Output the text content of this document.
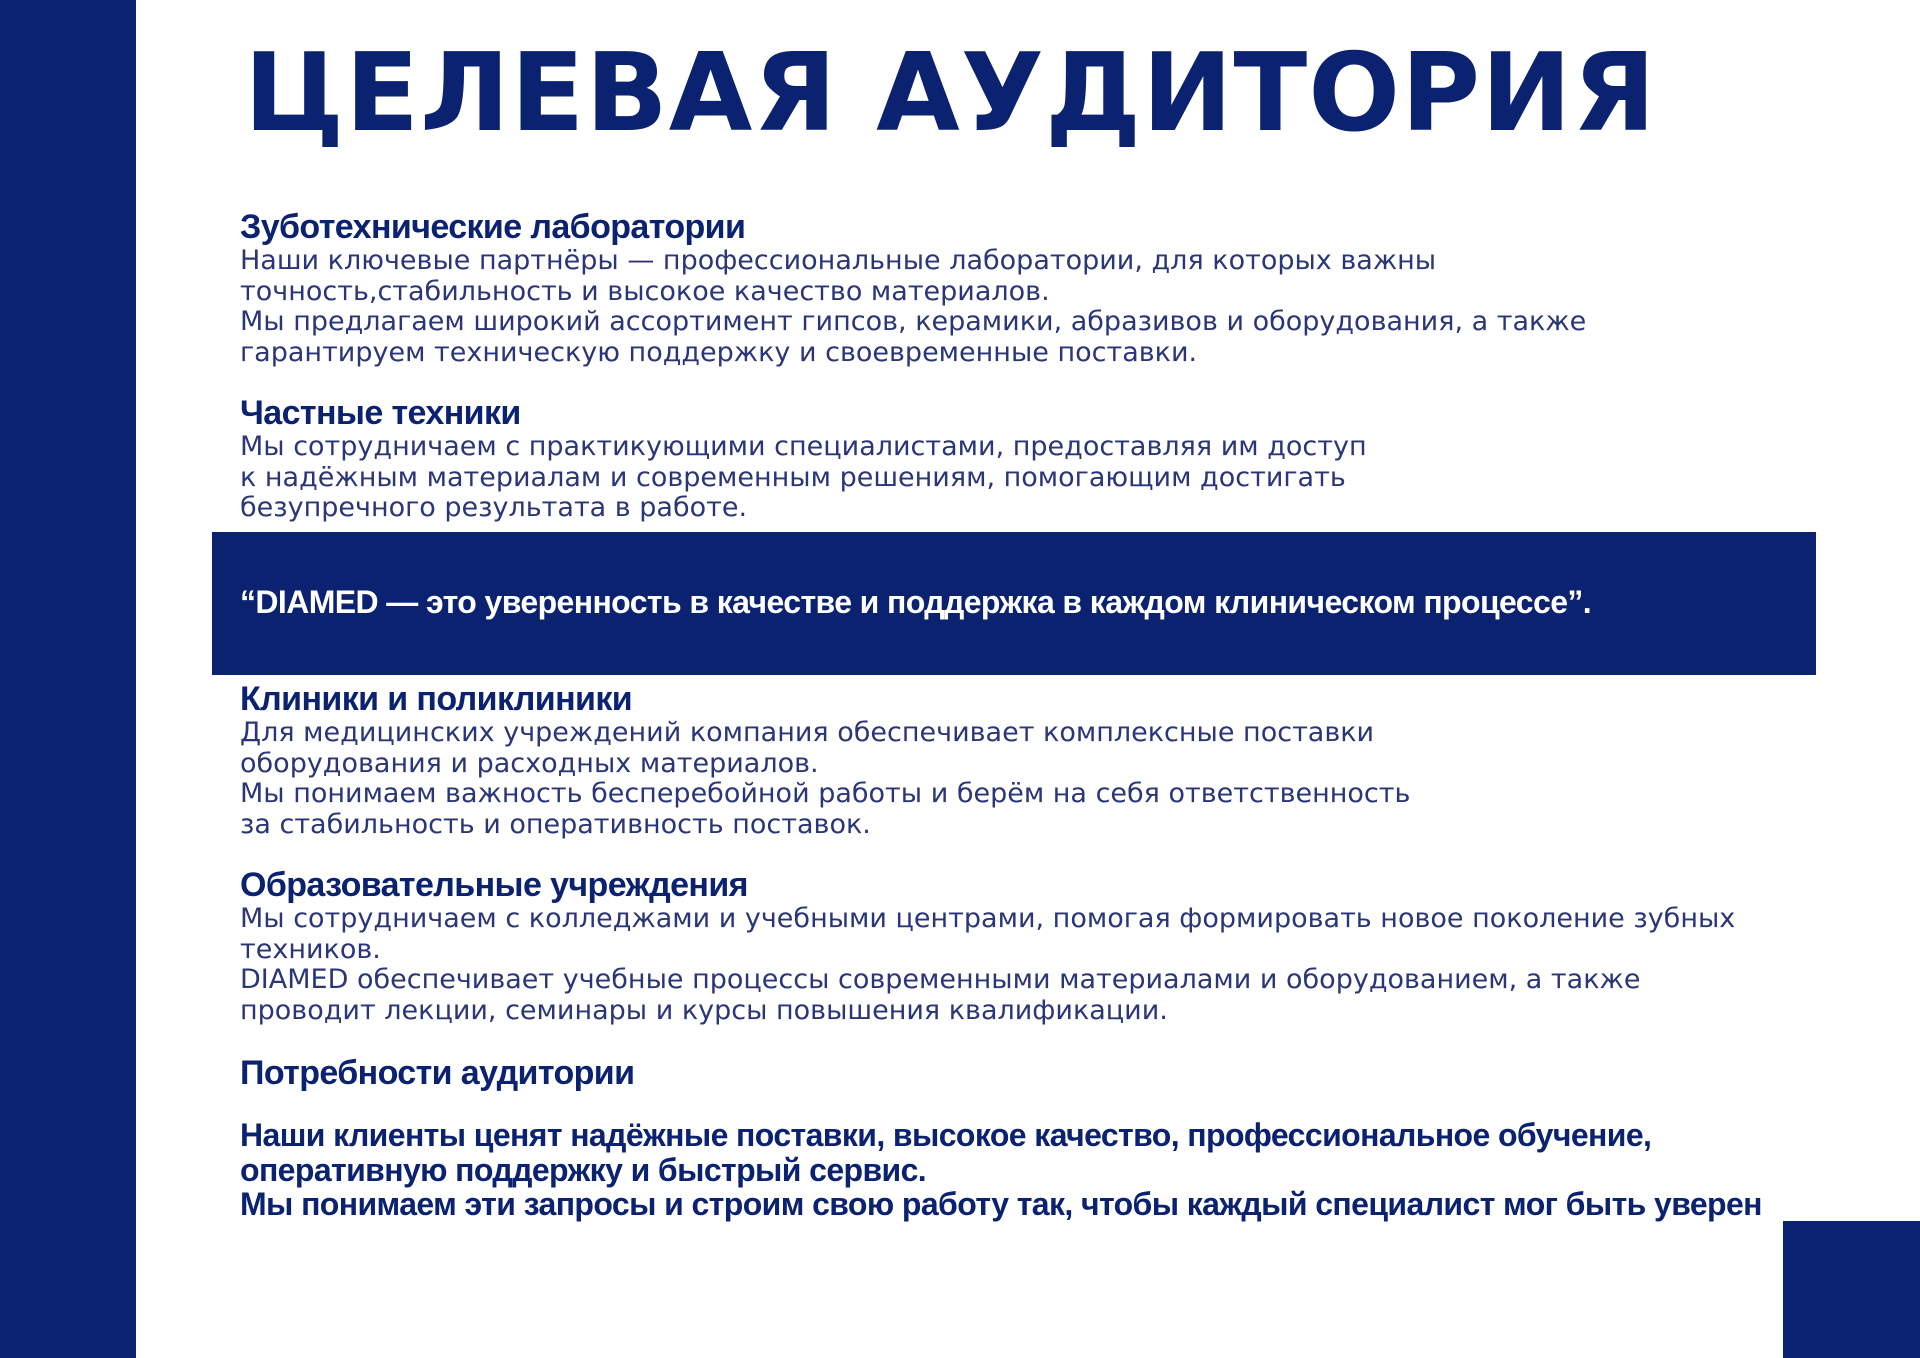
ЦЕЛЕВАЯ АУДИТОРИЯ
Зуботехнические лаборатории

Наши ключевые партнёры — профессиональные лаборатории, для которых важны
точность,стабильность и высокое качество материалов.
Мы предлагаем широкий ассортимент гипсов, керамики, абразивов и оборудования, а также
гарантируем техническую поддержку и своевременные поставки.

Частные техники

Мы сотрудничаем с практикующими специалистами, предоставляя им доступ
к надёжным материалам и современным решениям, помогающим достигать
безупречного результата в работе.

“DIAMED — это уверенность в качестве и поддержка в каждом клиническом процессе”.

Клиники и поликлиники

Для медицинских учреждений компания обеспечивает комплексные поставки
оборудования и расходных материалов.
Мы понимаем важность бесперебойной работы и берём на себя ответственность
за стабильность и оперативность поставок.

Образовательные учреждения

Мы сотрудничаем с колледжами и учебными центрами, помогая формировать новое поколение зубных
техников.
DIAMED обеспечивает учебные процессы современными материалами и оборудованием, а также
проводит лекции, семинары и курсы повышения квалификации.

Потребности аудитории

Наши клиенты ценят надёжные поставки, высокое качество, профессиональное обучение,
оперативную поддержку и быстрый сервис.
Мы понимаем эти запросы и строим свою работу так, чтобы каждый специалист мог быть уверен
